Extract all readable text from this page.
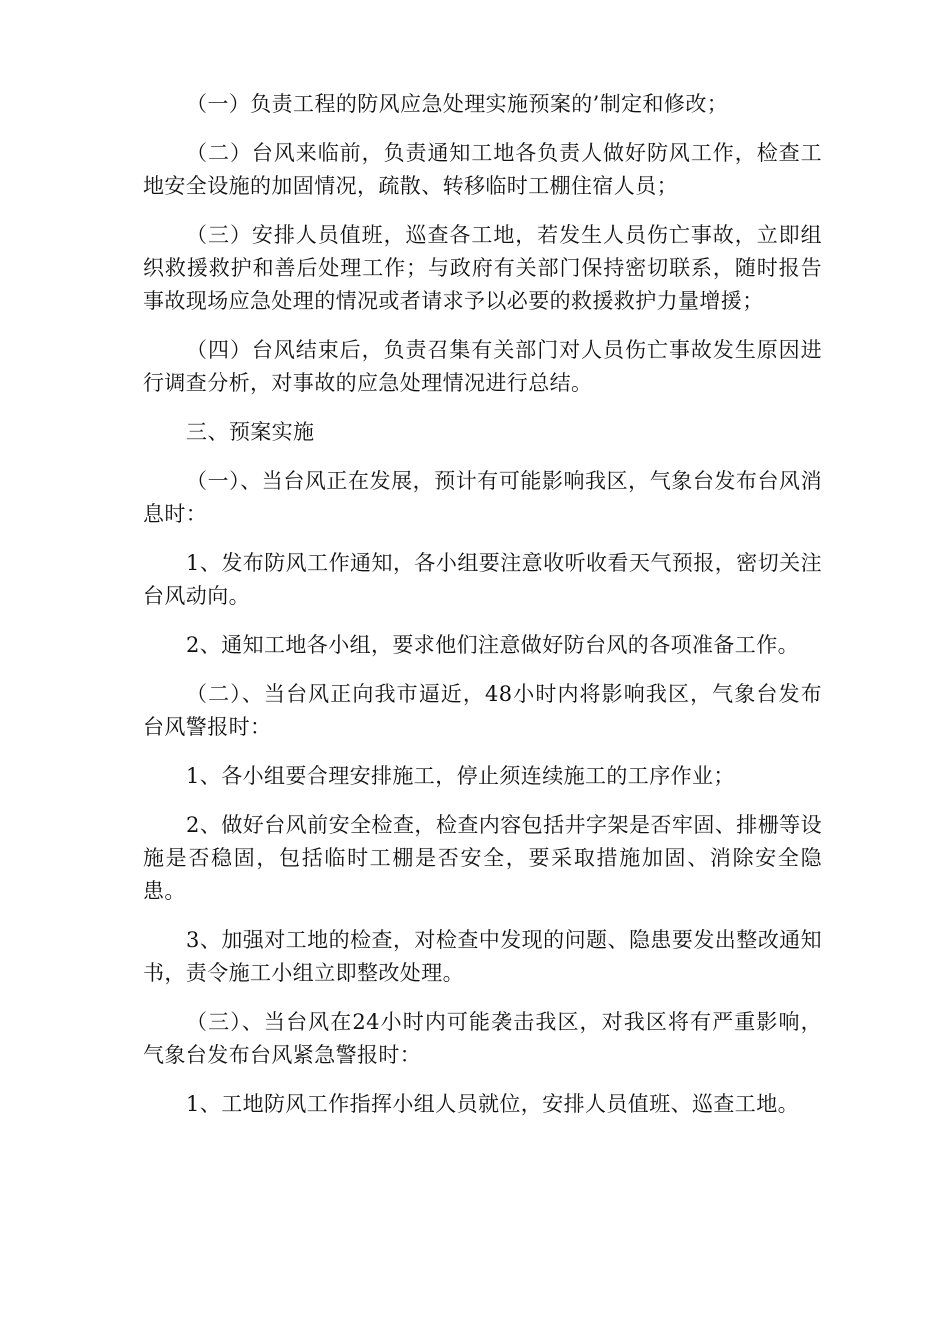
（一）负责工程的防风应急处理实施预案的’制定和修改；

（二）台风来临前，负责通知工地各负责人做好防风工作，检查工地安全设施的加固情况，疏散、转移临时工棚住宿人员；

（三）安排人员值班，巡查各工地，若发生人员伤亡事故，立即组织救援救护和善后处理工作；与政府有关部门保持密切联系，随时报告事故现场应急处理的情况或者请求予以必要的救援救护力量增援；

（四）台风结束后，负责召集有关部门对人员伤亡事故发生原因进行调查分析，对事故的应急处理情况进行总结。

三、预案实施

（一）、当台风正在发展，预计有可能影响我区，气象台发布台风消息时：

1、发布防风工作通知，各小组要注意收听收看天气预报，密切关注台风动向。

2、通知工地各小组，要求他们注意做好防台风的各项准备工作。

（二）、当台风正向我市逼近，48小时内将影响我区，气象台发布台风警报时：

1、各小组要合理安排施工，停止须连续施工的工序作业；

2、做好台风前安全检查，检查内容包括井字架是否牢固、排栅等设施是否稳固，包括临时工棚是否安全，要采取措施加固、消除安全隐患。

3、加强对工地的检查，对检查中发现的问题、隐患要发出整改通知书，责令施工小组立即整改处理。

（三）、当台风在24小时内可能袭击我区，对我区将有严重影响，气象台发布台风紧急警报时：

1、工地防风工作指挥小组人员就位，安排人员值班、巡查工地。
